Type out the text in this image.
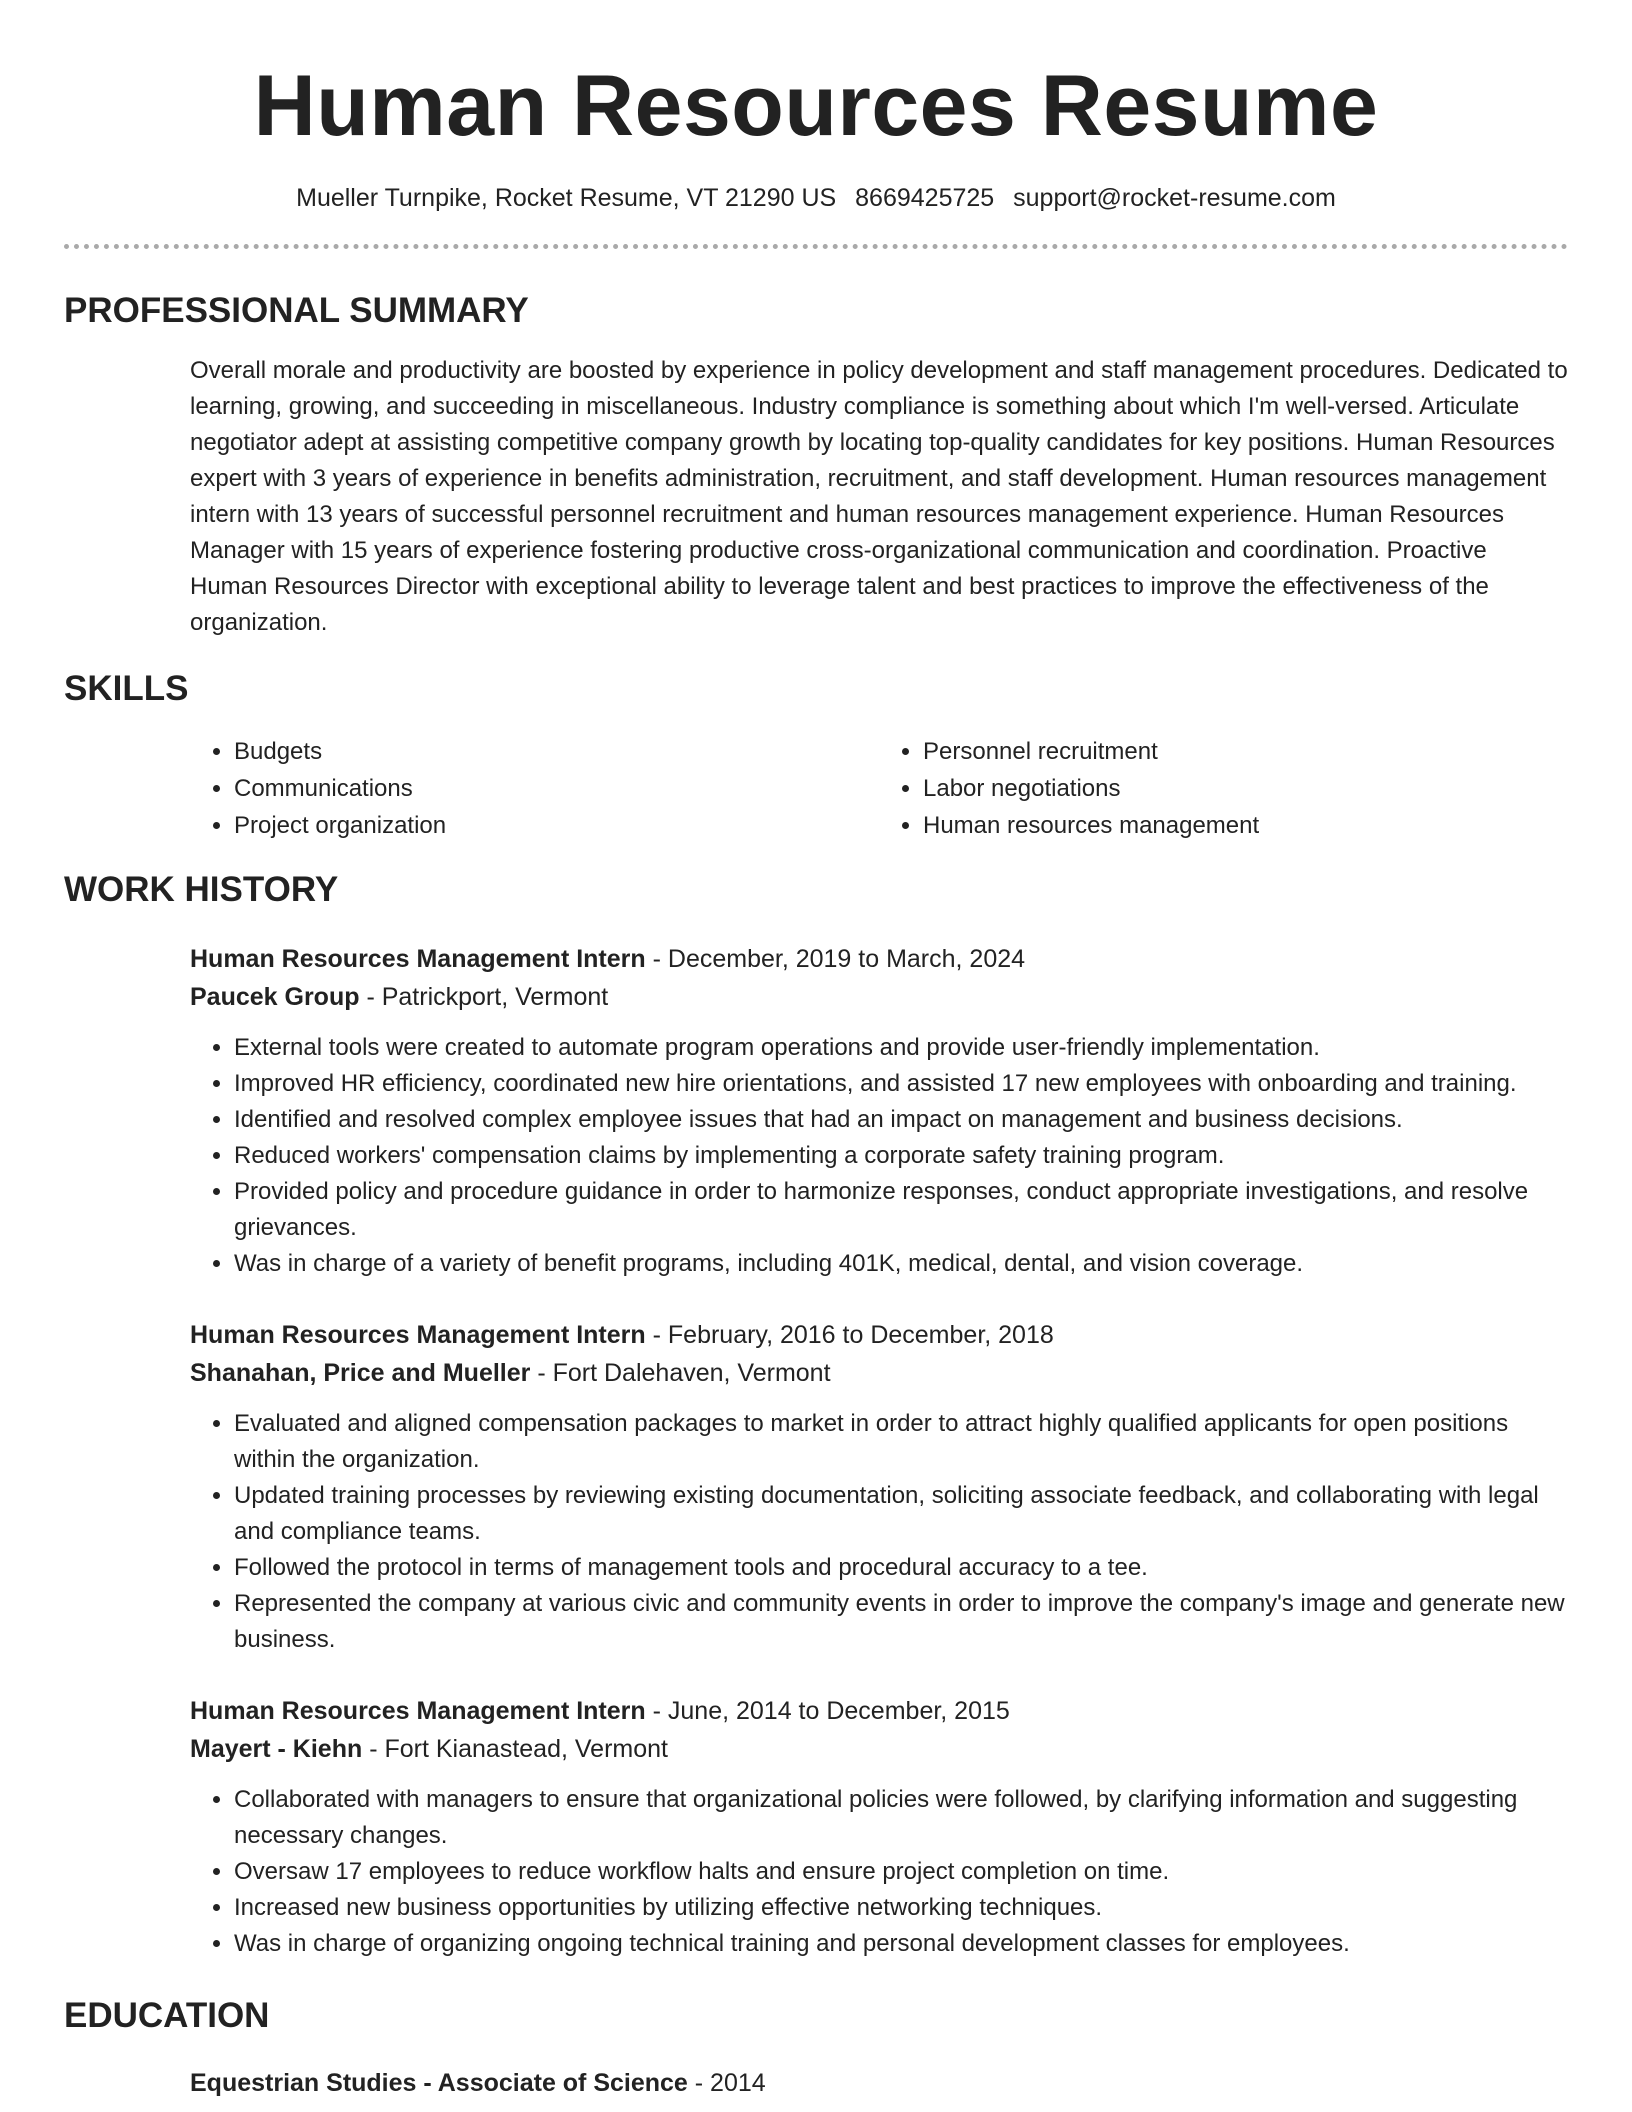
Human Resources Resume
Mueller Turnpike, Rocket Resume, VT 21290 US 8669425725 support@rocket-resume.com
PROFESSIONAL SUMMARY
Overall morale and productivity are boosted by experience in policy development and staff management procedures. Dedicated to learning, growing, and succeeding in miscellaneous. Industry compliance is something about which I'm well-versed. Articulate negotiator adept at assisting competitive company growth by locating top-quality candidates for key positions. Human Resources expert with 3 years of experience in benefits administration, recruitment, and staff development. Human resources management intern with 13 years of successful personnel recruitment and human resources management experience. Human Resources Manager with 15 years of experience fostering productive cross-organizational communication and coordination. Proactive Human Resources Director with exceptional ability to leverage talent and best practices to improve the effectiveness of the organization.
SKILLS
• Budgets
• Communications
• Project organization
• Personnel recruitment
• Labor negotiations
• Human resources management
WORK HISTORY
Human Resources Management Intern - December, 2019 to March, 2024
Paucek Group - Patrickport, Vermont
• External tools were created to automate program operations and provide user-friendly implementation.
• Improved HR efficiency, coordinated new hire orientations, and assisted 17 new employees with onboarding and training.
• Identified and resolved complex employee issues that had an impact on management and business decisions.
• Reduced workers' compensation claims by implementing a corporate safety training program.
• Provided policy and procedure guidance in order to harmonize responses, conduct appropriate investigations, and resolve grievances.
• Was in charge of a variety of benefit programs, including 401K, medical, dental, and vision coverage.
Human Resources Management Intern - February, 2016 to December, 2018
Shanahan, Price and Mueller - Fort Dalehaven, Vermont
• Evaluated and aligned compensation packages to market in order to attract highly qualified applicants for open positions within the organization.
• Updated training processes by reviewing existing documentation, soliciting associate feedback, and collaborating with legal and compliance teams.
• Followed the protocol in terms of management tools and procedural accuracy to a tee.
• Represented the company at various civic and community events in order to improve the company's image and generate new business.
Human Resources Management Intern - June, 2014 to December, 2015
Mayert - Kiehn - Fort Kianastead, Vermont
• Collaborated with managers to ensure that organizational policies were followed, by clarifying information and suggesting necessary changes.
• Oversaw 17 employees to reduce workflow halts and ensure project completion on time.
• Increased new business opportunities by utilizing effective networking techniques.
• Was in charge of organizing ongoing technical training and personal development classes for employees.
EDUCATION
Equestrian Studies - Associate of Science - 2014
